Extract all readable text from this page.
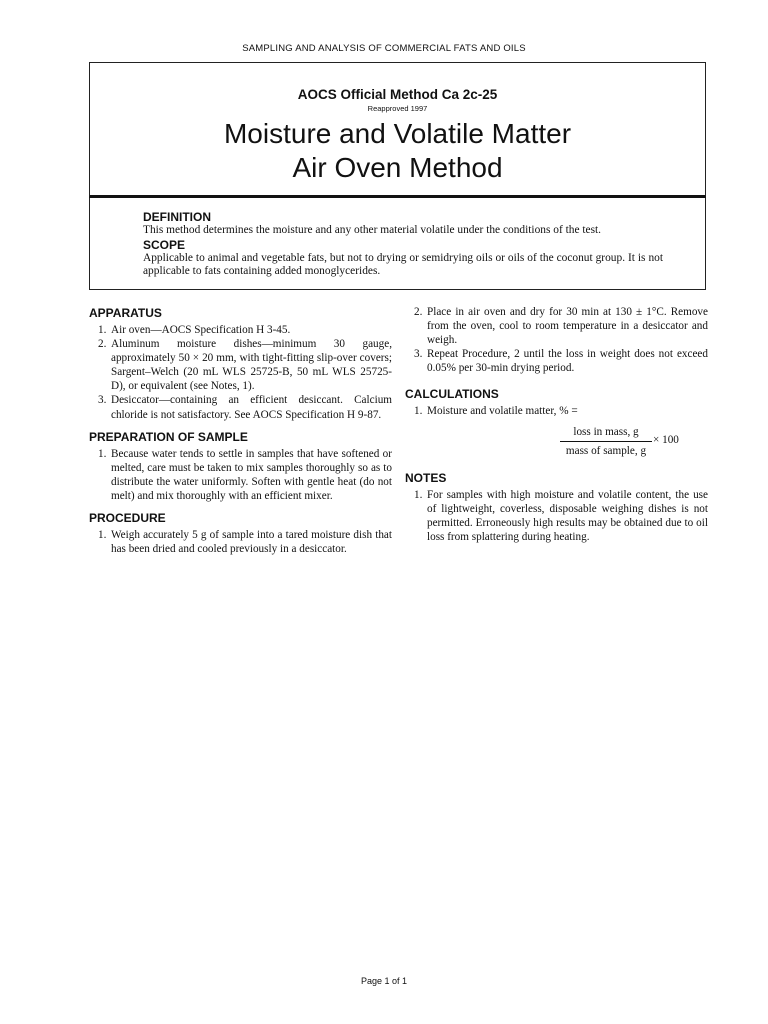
SAMPLING AND ANALYSIS OF COMMERCIAL FATS AND OILS
AOCS Official Method Ca 2c-25
Reapproved 1997
Moisture and Volatile Matter
Air Oven Method
DEFINITION
This method determines the moisture and any other material volatile under the conditions of the test.
SCOPE
Applicable to animal and vegetable fats, but not to drying or semidrying oils or oils of the coconut group. It is not applicable to fats containing added monoglycerides.
APPARATUS
1. Air oven—AOCS Specification H 3-45.
2. Aluminum moisture dishes—minimum 30 gauge, approximately 50 × 20 mm, with tight-fitting slip-over covers; Sargent–Welch (20 mL WLS 25725-B, 50 mL WLS 25725-D), or equivalent (see Notes, 1).
3. Desiccator—containing an efficient desiccant. Calcium chloride is not satisfactory. See AOCS Specification H 9-87.
PREPARATION OF SAMPLE
1. Because water tends to settle in samples that have softened or melted, care must be taken to mix samples thoroughly so as to distribute the water uniformly. Soften with gentle heat (do not melt) and mix thoroughly with an efficient mixer.
PROCEDURE
1. Weigh accurately 5 g of sample into a tared moisture dish that has been dried and cooled previously in a desiccator.
2. Place in air oven and dry for 30 min at 130 ± 1°C. Remove from the oven, cool to room temperature in a desiccator and weigh.
3. Repeat Procedure, 2 until the loss in weight does not exceed 0.05% per 30-min drying period.
CALCULATIONS
1. Moisture and volatile matter, % =
loss in mass, g
mass of sample, g
× 100
NOTES
1. For samples with high moisture and volatile content, the use of lightweight, coverless, disposable weighing dishes is not permitted. Erroneously high results may be obtained due to oil loss from splattering during heating.
Page 1 of 1
